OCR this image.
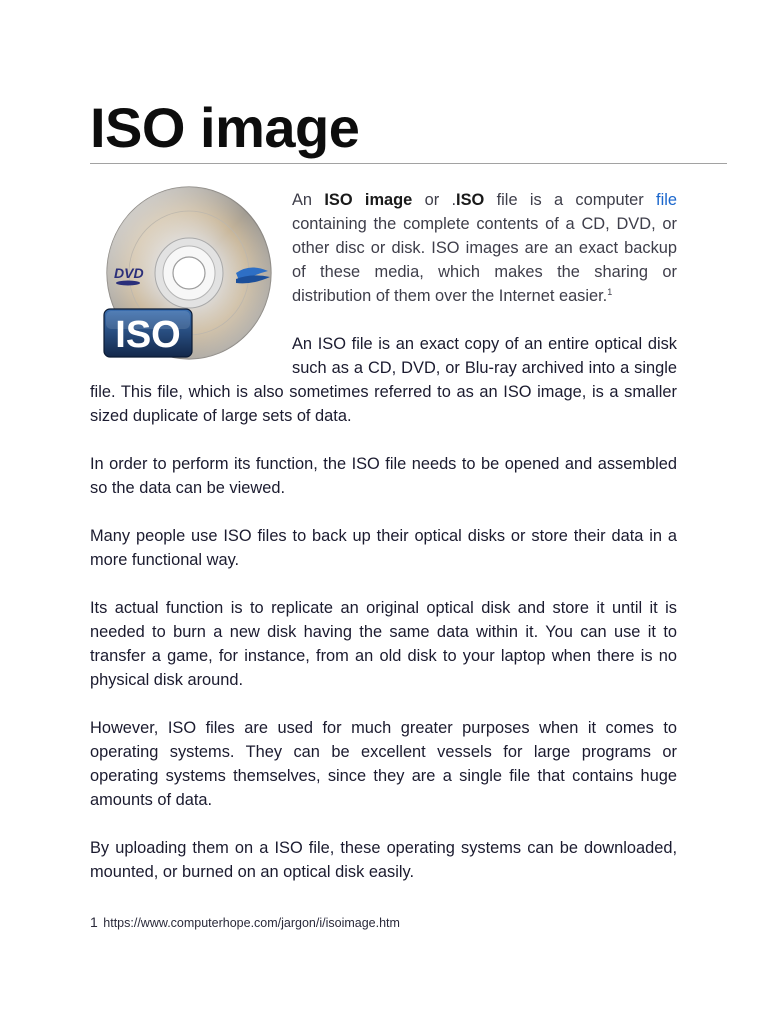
ISO image
DVD
ISO

An ISO image or .ISO file is a computer file containing the complete contents of a CD, DVD, or other disc or disk. ISO images are an exact backup of these media, which makes the sharing or distribution of them over the Internet easier.$^1$

An ISO file is an exact copy of an entire optical disk such as a CD, DVD, or Blu-ray archived into a single file. This file, which is also sometimes referred to as an ISO image, is a smaller sized duplicate of large sets of data.

In order to perform its function, the ISO file needs to be opened and assembled so the data can be viewed.

Many people use ISO files to back up their optical disks or store their data in a more functional way.

Its actual function is to replicate an original optical disk and store it until it is needed to burn a new disk having the same data within it. You can use it to transfer a game, for instance, from an old disk to your laptop when there is no physical disk around.

However, ISO files are used for much greater purposes when it comes to operating systems. They can be excellent vessels for large programs or operating systems themselves, since they are a single file that contains huge amounts of data.

By uploading them on a ISO file, these operating systems can be downloaded, mounted, or burned on an optical disk easily.

1 https://www.computerhope.com/jargon/i/isoimage.htm
